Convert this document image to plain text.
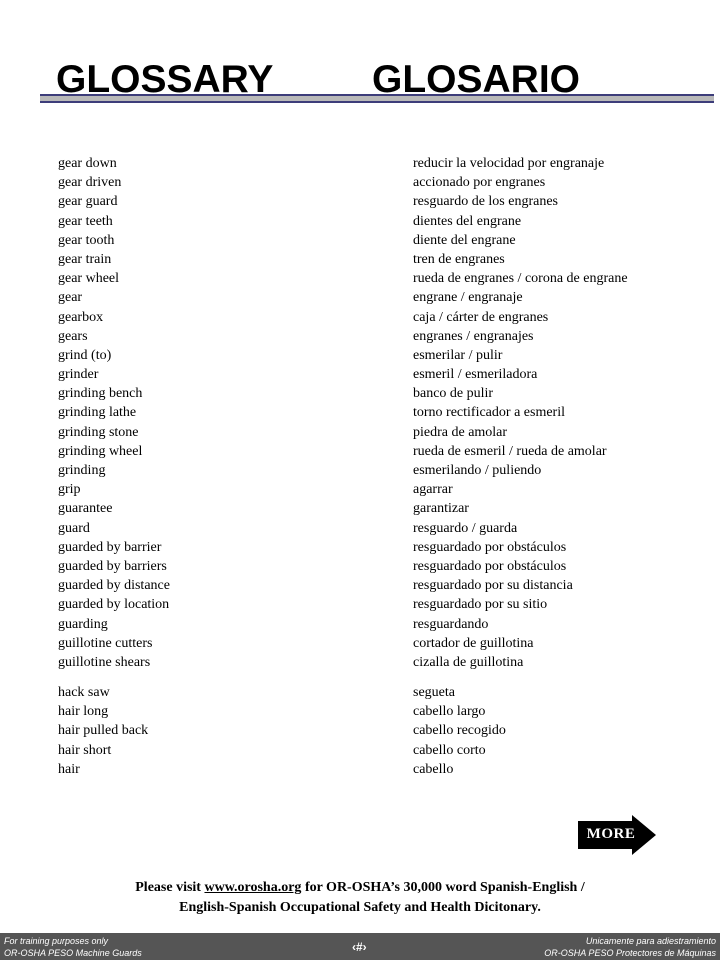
GLOSSARY	GLOSARIO
gear down	reducir la velocidad por engranaje
gear driven	accionado por engranes
gear guard	resguardo de los engranes
gear teeth	dientes del engrane
gear tooth	diente del engrane
gear train	tren de engranes
gear wheel	rueda de engranes / corona de engrane
gear	engrane / engranaje
gearbox	caja / cárter de engranes
gears	engranes / engranajes
grind (to)	esmerilar / pulir
grinder	esmeril / esmeriladora
grinding bench	banco de pulir
grinding lathe	torno rectificador a esmeril
grinding stone	piedra de amolar
grinding wheel	rueda de esmeril / rueda de amolar
grinding	esmerilando / puliendo
grip	agarrar
guarantee	garantizar
guard	resguardo / guarda
guarded by barrier	resguardado por obstáculos
guarded by barriers	resguardado por obstáculos
guarded by distance	resguardado por su distancia
guarded by location	resguardado por su sitio
guarding	resguardando
guillotine cutters	cortador de guillotina
guillotine shears	cizalla de guillotina
hack saw	segueta
hair long	cabello largo
hair pulled back	cabello recogido
hair short	cabello corto
hair	cabello
MORE
Please visit www.orosha.org for OR-OSHA’s 30,000 word Spanish-English /
English-Spanish Occupational Safety and Health Dicitonary.
For training purposes only
OR-OSHA PESO Machine Guards	‹#›	Unicamente para adiestramiento
OR-OSHA PESO Protectores de Máquinas
